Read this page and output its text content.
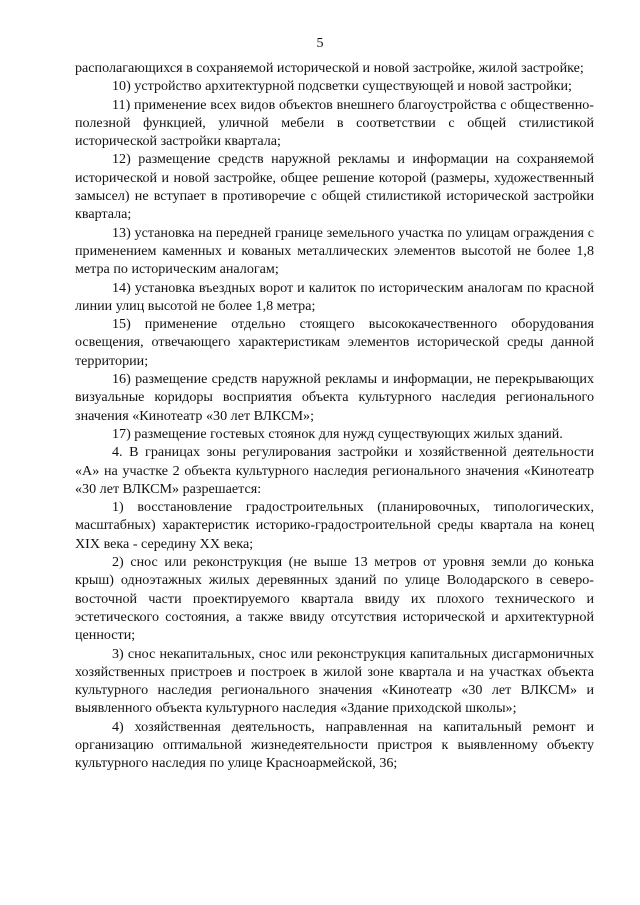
5

располагающихся в сохраняемой исторической и новой застройке, жилой застройке;

10) устройство архитектурной подсветки существующей и новой застройки;

11) применение всех видов объектов внешнего благоустройства с общественно-полезной функцией, уличной мебели в соответствии с общей стилистикой исторической застройки квартала;

12) размещение средств наружной рекламы и информации на сохраняемой исторической и новой застройке, общее решение которой (размеры, художественный замысел) не вступает в противоречие с общей стилистикой исторической застройки квартала;

13) установка на передней границе земельного участка по улицам ограждения с применением каменных и кованых металлических элементов высотой не более 1,8 метра по историческим аналогам;

14) установка въездных ворот и калиток по историческим аналогам по красной линии улиц высотой не более 1,8 метра;

15) применение отдельно стоящего высококачественного оборудования освещения, отвечающего характеристикам элементов исторической среды данной территории;

16) размещение средств наружной рекламы и информации, не перекрывающих визуальные коридоры восприятия объекта культурного наследия регионального значения «Кинотеатр «30 лет ВЛКСМ»;

17) размещение гостевых стоянок для нужд существующих жилых зданий.

4. В границах зоны регулирования застройки и хозяйственной деятельности «А» на участке 2 объекта культурного наследия регионального значения «Кинотеатр «30 лет ВЛКСМ» разрешается:

1) восстановление градостроительных (планировочных, типологических, масштабных) характеристик историко-градостроительной среды квартала на конец XIX века - середину XX века;

2) снос или реконструкция (не выше 13 метров от уровня земли до конька крыш) одноэтажных жилых деревянных зданий по улице Володарского в северо-восточной части проектируемого квартала ввиду их плохого технического и эстетического состояния, а также ввиду отсутствия исторической и архитектурной ценности;

3) снос некапитальных, снос или реконструкция капитальных дисгармоничных хозяйственных пристроев и построек в жилой зоне квартала и на участках объекта культурного наследия регионального значения «Кинотеатр «30 лет ВЛКСМ» и выявленного объекта культурного наследия «Здание приходской школы»;

4) хозяйственная деятельность, направленная на капитальный ремонт и организацию оптимальной жизнедеятельности пристроя к выявленному объекту культурного наследия по улице Красноармейской, 36;
